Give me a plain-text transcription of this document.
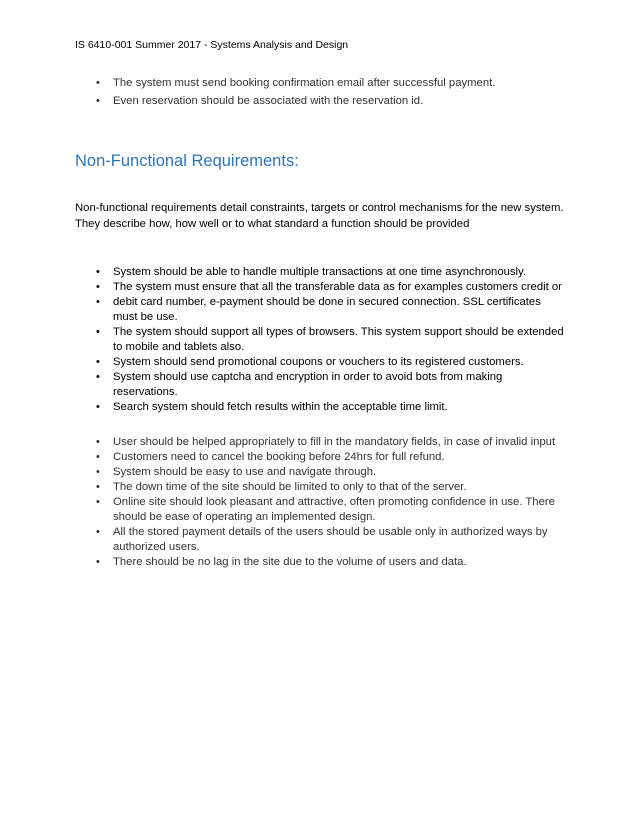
IS 6410-001 Summer 2017 - Systems Analysis and Design
• The system must send booking confirmation email after successful payment.
• Even reservation should be associated with the reservation id.
Non-Functional Requirements:
Non-functional requirements detail constraints, targets or control mechanisms for the new system. They describe how, how well or to what standard a function should be provided
• System should be able to handle multiple transactions at one time asynchronously.
• The system must ensure that all the transferable data as for examples customers credit or
• debit card number, e-payment should be done in secured connection. SSL certificates must be use.
• The system should support all types of browsers. This system support should be extended to mobile and tablets also.
• System should send promotional coupons or vouchers to its registered customers.
• System should use captcha and encryption in order to avoid bots from making reservations.
• Search system should fetch results within the acceptable time limit.
• User should be helped appropriately to fill in the mandatory fields, in case of invalid input
• Customers need to cancel the booking before 24hrs for full refund.
• System should be easy to use and navigate through.
• The down time of the site should be limited to only to that of the server.
• Online site should look pleasant and attractive, often promoting confidence in use. There should be ease of operating an implemented design.
• All the stored payment details of the users should be usable only in authorized ways by authorized users.
• There should be no lag in the site due to the volume of users and data.
